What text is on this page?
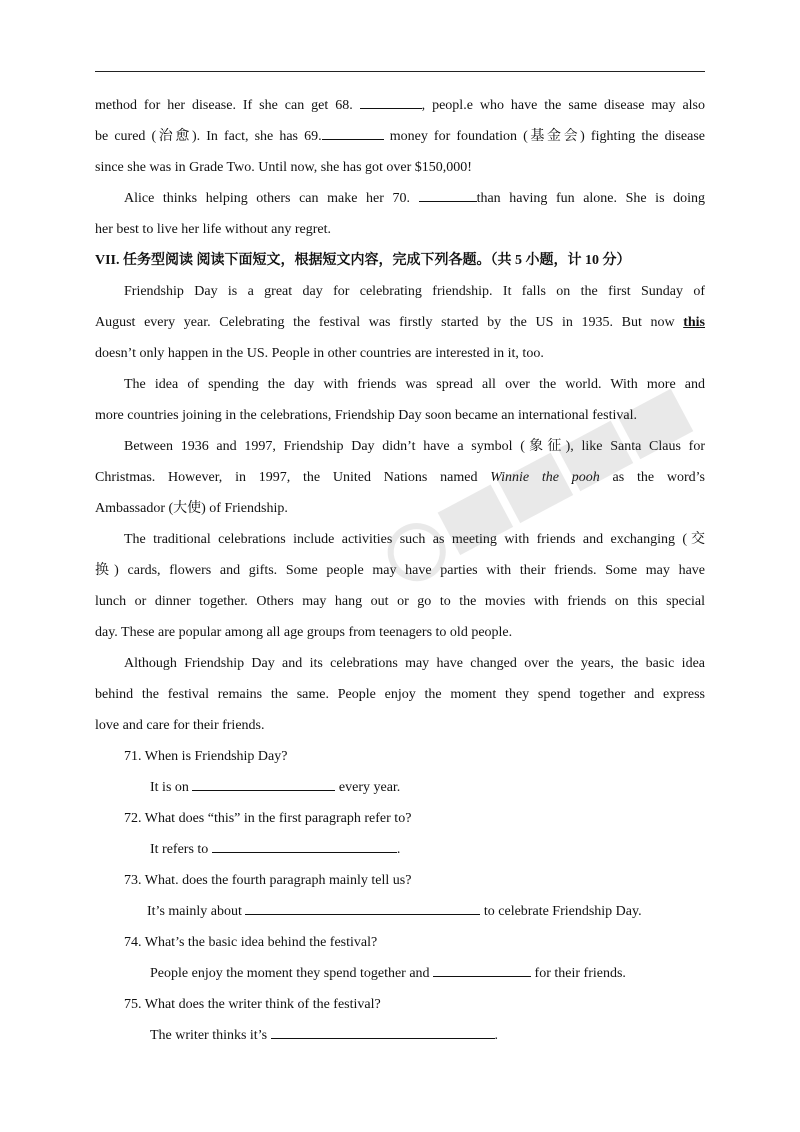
method for her disease. If she can get 68.	, peopl.e who have the same disease may also
be cured (治愈). In fact, she has 69.	money for foundation (基金会) fighting the disease
since she was in Grade Two. Until now, she has got over $150,000!
Alice thinks helping others can make her 70.	than having fun alone. She is doing
her best to live her life without any regret.
VII. 任务型阅读 阅读下面短文，根据短文内容，完成下列各题。（共 5 小题，计 10 分）
Friendship Day is a great day for celebrating friendship. It falls on the first Sunday of
August every year. Celebrating the festival was firstly started by the US in 1935. But now this
doesn’t only happen in the US. People in other countries are interested in it, too.
The idea of spending the day with friends was spread all over the world. With more and
more countries joining in the celebrations, Friendship Day soon became an international festival.
Between 1936 and 1997, Friendship Day didn’t have a symbol (象征), like Santa Claus for
Christmas. However, in 1997, the United Nations named Winnie the pooh as the word’s
Ambassador (大使) of Friendship.
The traditional celebrations include activities such as meeting with friends and exchanging (交
换) cards, flowers and gifts. Some people may have parties with their friends. Some may have
lunch or dinner together. Others may hang out or go to the movies with friends on this special
day. These are popular among all age groups from teenagers to old people.
Although Friendship Day and its celebrations may have changed over the years, the basic idea
behind the festival remains the same. People enjoy the moment they spend together and express
love and care for their friends.
71. When is Friendship Day?
It is on	every year.
72. What does “this” in the first paragraph refer to?
It refers to	.
73. What. does the fourth paragraph mainly tell us?
It’s mainly about	to celebrate Friendship Day.
74. What’s the basic idea behind the festival?
People enjoy the moment they spend together and	for their friends.
75. What does the writer think of the festival?
The writer thinks it’s	.
